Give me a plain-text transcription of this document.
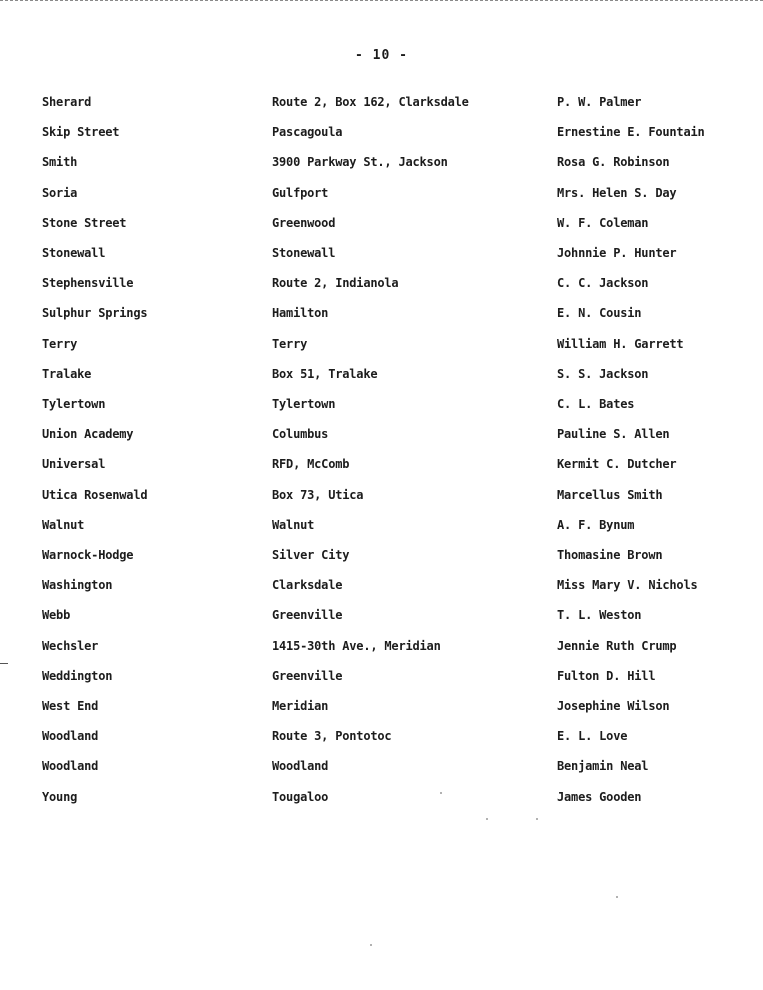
- 10 -
Sherard	Route 2, Box 162, Clarksdale	P. W. Palmer
Skip Street	Pascagoula	Ernestine E. Fountain
Smith	3900 Parkway St., Jackson	Rosa G. Robinson
Soria	Gulfport	Mrs. Helen S. Day
Stone Street	Greenwood	W. F. Coleman
Stonewall	Stonewall	Johnnie P. Hunter
Stephensville	Route 2, Indianola	C. C. Jackson
Sulphur Springs	Hamilton	E. N. Cousin
Terry	Terry	William H. Garrett
Tralake	Box 51, Tralake	S. S. Jackson
Tylertown	Tylertown	C. L. Bates
Union Academy	Columbus	Pauline S. Allen
Universal	RFD, McComb	Kermit C. Dutcher
Utica Rosenwald	Box 73, Utica	Marcellus Smith
Walnut	Walnut	A. F. Bynum
Warnock-Hodge	Silver City	Thomasine Brown
Washington	Clarksdale	Miss Mary V. Nichols
Webb	Greenville	T. L. Weston
Wechsler	1415-30th Ave., Meridian	Jennie Ruth Crump
Weddington	Greenville	Fulton D. Hill
West End	Meridian	Josephine Wilson
Woodland	Route 3, Pontotoc	E. L. Love
Woodland	Woodland	Benjamin Neal
Young	Tougaloo	James Gooden
